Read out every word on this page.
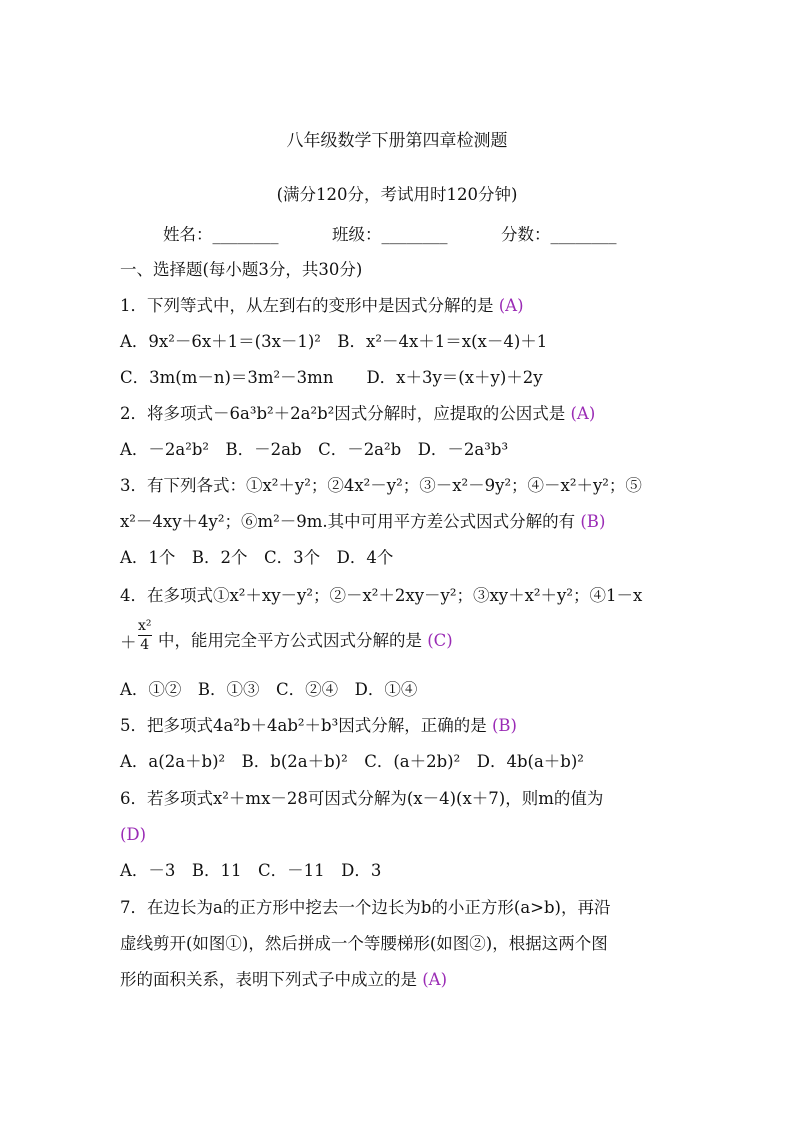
八年级数学下册第四章检测题
(满分120分，考试用时120分钟)
姓名：________	班级：________	分数：________
一、选择题(每小题3分，共30分)
1．下列等式中，从左到右的变形中是因式分解的是 (A)
A．9x²－6x＋1＝(3x－1)²　B．x²－4x＋1＝x(x－4)＋1
C．3m(m－n)＝3m²－3mn　　D．x＋3y＝(x＋y)＋2y
2．将多项式－6a³b²＋2a²b²因式分解时，应提取的公因式是 (A)
A．－2a²b²　B．－2ab　C．－2a²b　D．－2a³b³
3．有下列各式：①x²＋y²；②4x²－y²；③－x²－9y²；④－x²＋y²；⑤
x²－4xy＋4y²；⑥m²－9m.其中可用平方差公式因式分解的有 (B)
A．1个　B．2个　C．3个　D．4个
4．在多项式①x²＋xy－y²；②－x²＋2xy－y²；③xy＋x²＋y²；④1－x
＋
x²
4 中，能用完全平方公式因式分解的是 (C)
A．①②　B．①③　C．②④　D．①④
5．把多项式4a²b＋4ab²＋b³因式分解，正确的是 (B)
A．a(2a＋b)²　B．b(2a＋b)²　C．(a＋2b)²　D．4b(a＋b)²
6．若多项式x²＋mx－28可因式分解为(x－4)(x＋7)，则m的值为
(D)
A．－3　B．11　C．－11　D．3
7．在边长为a的正方形中挖去一个边长为b的小正方形(a>b)，再沿
虚线剪开(如图①)，然后拼成一个等腰梯形(如图②)，根据这两个图
形的面积关系，表明下列式子中成立的是 (A)
